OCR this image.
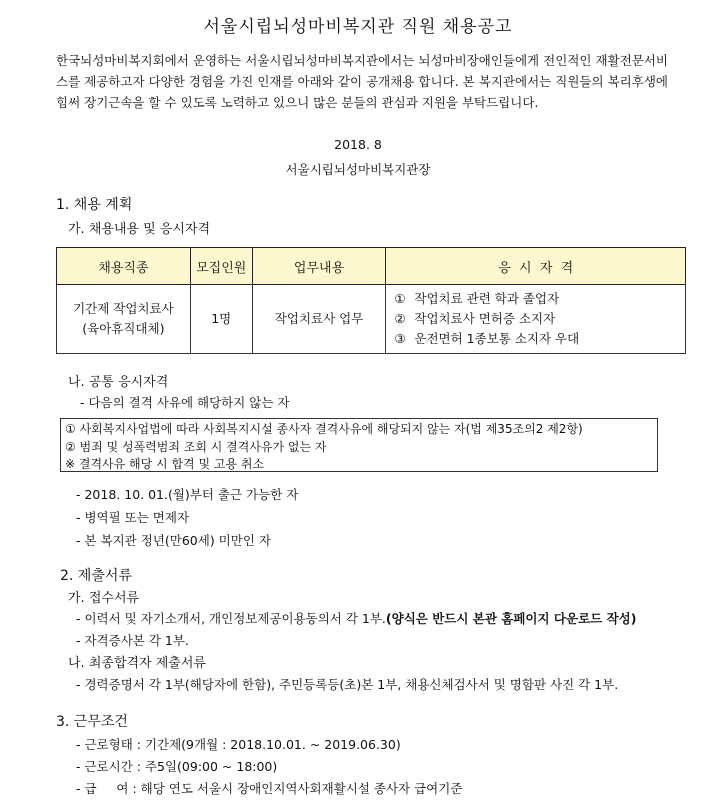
서울시립뇌성마비복지관 직원 채용공고
한국뇌성마비복지회에서 운영하는 서울시립뇌성마비복지관에서는 뇌성마비장애인들에게 전인적인 재활전문서비스를 제공하고자 다양한 경험을 가진 인재를 아래와 같이 공개채용 합니다. 본 복지관에서는 직원들의 복리후생에 힘써 장기근속을 할 수 있도록 노력하고 있으니 많은 분들의 관심과 지원을 부탁드립니다.
2018. 8
서울시립뇌성마비복지관장
1. 채용 계획
가. 채용내용 및 응시자격
채용직종	모집인원	업무내용	응  시  자  격

기간제 작업치료사
(육아휴직대체)	1명	작업치료사 업무	① 작업치료 관련 학과 졸업자
② 작업치료사 면허증 소지자
③ 운전면허 1종보통 소지자 우대
나. 공통 응시자격
- 다음의 결격 사유에 해당하지 않는 자
① 사회복지사업법에 따라 사회복지시설 종사자 결격사유에 해당되지 않는 자(법 제35조의2 제2항)
② 범죄 및 성폭력범죄 조회 시 결격사유가 없는 자
※ 결격사유 해당 시 합격 및 고용 취소
- 2018. 10. 01.(월)부터 출근 가능한 자
- 병역필 또는 면제자
- 본 복지관 정년(만60세) 미만인 자
2. 제출서류
가. 접수서류
- 이력서 및 자기소개서, 개인정보제공이용동의서 각 1부.(양식은 반드시 본관 홈페이지 다운로드 작성)
- 자격증사본 각 1부.
나. 최종합격자 제출서류
- 경력증명서 각 1부(해당자에 한함), 주민등록등(초)본 1부, 채용신체검사서 및 명함판 사진 각 1부.
3. 근무조건
- 근로형태 : 기간제(9개월 : 2018.10.01. ~ 2019.06.30)
- 근로시간 : 주5일(09:00 ~ 18:00)
- 급     여 : 해당 연도 서울시 장애인지역사회재활시설 종사자 급여기준
